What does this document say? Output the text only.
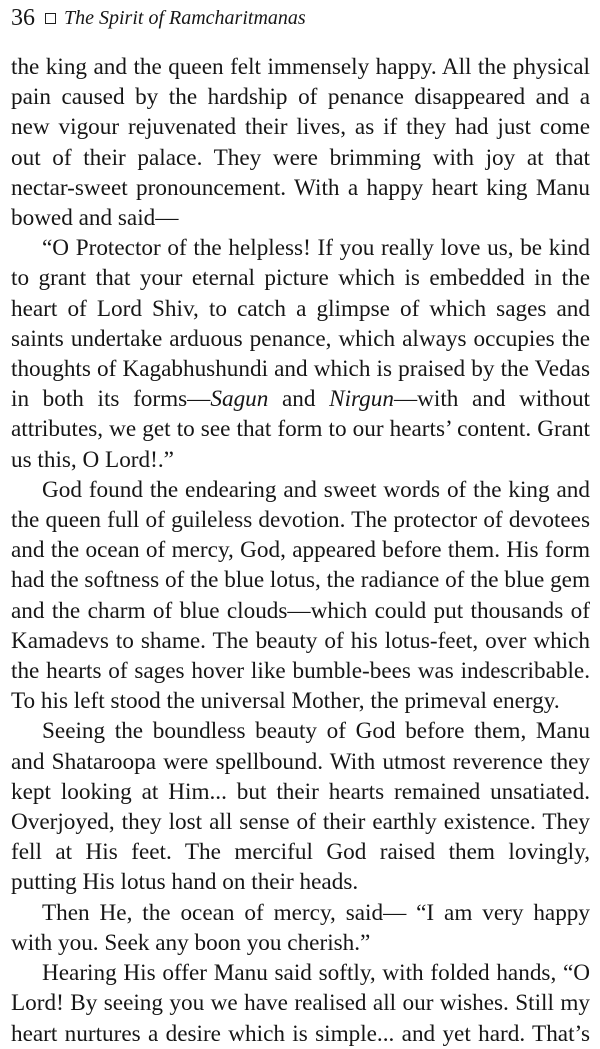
36 The Spirit of Ramcharitmanas

the king and the queen felt immensely happy. All the physical pain caused by the hardship of penance disappeared and a new vigour rejuvenated their lives, as if they had just come out of their palace. They were brimming with joy at that nectar-sweet pronouncement. With a happy heart king Manu bowed and said—

“O Protector of the helpless! If you really love us, be kind to grant that your eternal picture which is embedded in the heart of Lord Shiv, to catch a glimpse of which sages and saints undertake arduous penance, which always occupies the thoughts of Kagabhushundi and which is praised by the Vedas in both its forms—Sagun and Nirgun—with and without attributes, we get to see that form to our hearts’ content. Grant us this, O Lord!.”

God found the endearing and sweet words of the king and the queen full of guileless devotion. The protector of devotees and the ocean of mercy, God, appeared before them. His form had the softness of the blue lotus, the radiance of the blue gem and the charm of blue clouds—which could put thousands of Kamadevs to shame. The beauty of his lotus-feet, over which the hearts of sages hover like bumble-bees was indescribable. To his left stood the universal Mother, the primeval energy.

Seeing the boundless beauty of God before them, Manu and Shataroopa were spellbound. With utmost reverence they kept looking at Him... but their hearts remained unsatiated. Overjoyed, they lost all sense of their earthly existence. They fell at His feet. The merciful God raised them lovingly, putting His lotus hand on their heads.

Then He, the ocean of mercy, said— “I am very happy with you. Seek any boon you cherish.”

Hearing His offer Manu said softly, with folded hands, “O Lord! By seeing you we have realised all our wishes. Still my heart nurtures a desire which is simple... and yet hard. That’s
